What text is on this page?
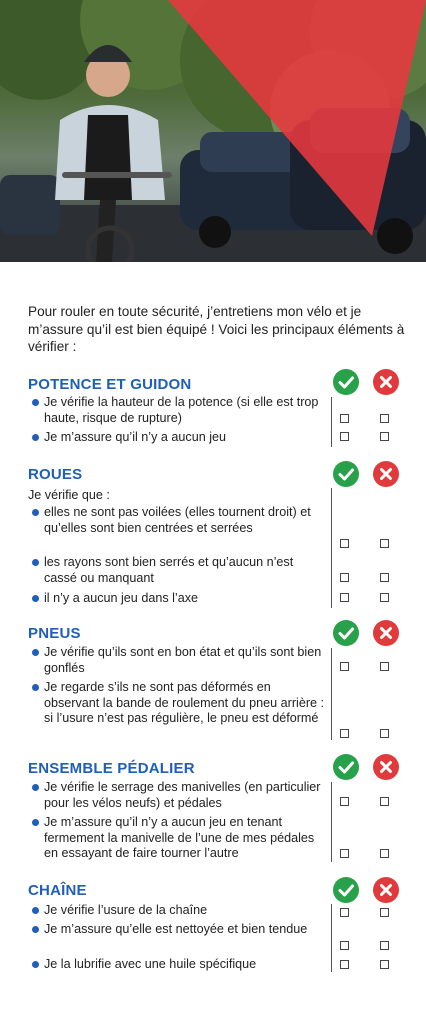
Pour rouler en toute sécurité, j’entretiens mon vélo et je m’assure qu’il est bien équipé ! Voici les principaux éléments à vérifier :
POTENCE ET GUIDON
Je vérifie la hauteur de la potence (si elle est trop haute, risque de rupture)
Je m’assure qu’il n’y a aucun jeu
ROUES
Je vérifie que :
elles ne sont pas voilées (elles tournent droit) et qu’elles sont bien centrées et serrées
les rayons sont bien serrés et qu’aucun n’est cassé ou manquant
il n’y a aucun jeu dans l’axe
PNEUS
Je vérifie qu’ils sont en bon état et qu’ils sont bien gonflés
Je regarde s’ils ne sont pas déformés en observant la bande de roulement du pneu arrière : si l’usure n’est pas régulière, le pneu est déformé
ENSEMBLE PÉDALIER
Je vérifie le serrage des manivelles (en particulier pour les vélos neufs) et pédales
Je m’assure qu’il n’y a aucun jeu en tenant fermement la manivelle de l’une de mes pédales en essayant de faire tourner l’autre
CHAÎNE
Je vérifie l’usure de la chaîne
Je m’assure qu’elle est nettoyée et bien tendue
Je la lubrifie avec une huile spécifique
